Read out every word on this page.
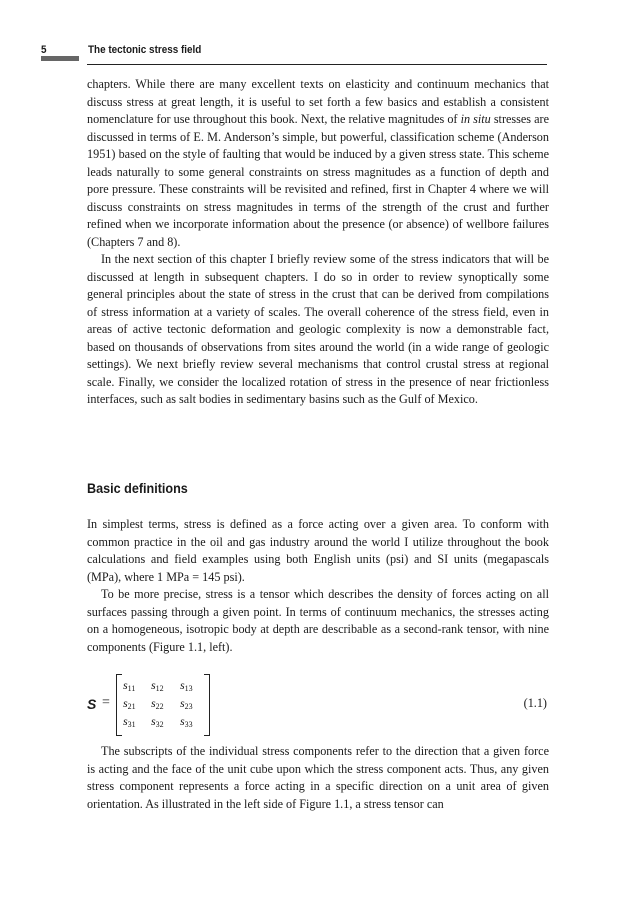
5	The tectonic stress field

chapters. While there are many excellent texts on elasticity and continuum mechanics that discuss stress at great length, it is useful to set forth a few basics and establish a consistent nomenclature for use throughout this book. Next, the relative magnitudes of in situ stresses are discussed in terms of E. M. Anderson’s simple, but powerful, classification scheme (Anderson 1951) based on the style of faulting that would be induced by a given stress state. This scheme leads naturally to some general constraints on stress magnitudes as a function of depth and pore pressure. These constraints will be revisited and refined, first in Chapter 4 where we will discuss constraints on stress magnitudes in terms of the strength of the crust and further refined when we incorporate information about the presence (or absence) of wellbore failures (Chapters 7 and 8).

In the next section of this chapter I briefly review some of the stress indicators that will be discussed at length in subsequent chapters. I do so in order to review synoptically some general principles about the state of stress in the crust that can be derived from compilations of stress information at a variety of scales. The overall coherence of the stress field, even in areas of active tectonic deformation and geologic complexity is now a demonstrable fact, based on thousands of observations from sites around the world (in a wide range of geologic settings). We next briefly review several mechanisms that control crustal stress at regional scale. Finally, we consider the localized rotation of stress in the presence of near frictionless interfaces, such as salt bodies in sedimentary basins such as the Gulf of Mexico.

Basic definitions

In simplest terms, stress is defined as a force acting over a given area. To conform with common practice in the oil and gas industry around the world I utilize throughout the book calculations and field examples using both English units (psi) and SI units (megapascals (MPa), where 1 MPa = 145 psi).

To be more precise, stress is a tensor which describes the density of forces acting on all surfaces passing through a given point. In terms of continuum mechanics, the stresses acting on a homogeneous, isotropic body at depth are describable as a second-rank tensor, with nine components (Figure 1.1, left).

S =
$s_{11}$ $s_{12}$ $s_{13}$
$s_{21}$ $s_{22}$ $s_{23}$
$s_{31}$ $s_{32}$ $s_{33}$
(1.1)

The subscripts of the individual stress components refer to the direction that a given force is acting and the face of the unit cube upon which the stress component acts. Thus, any given stress component represents a force acting in a specific direction on a unit area of given orientation. As illustrated in the left side of Figure 1.1, a stress tensor can
